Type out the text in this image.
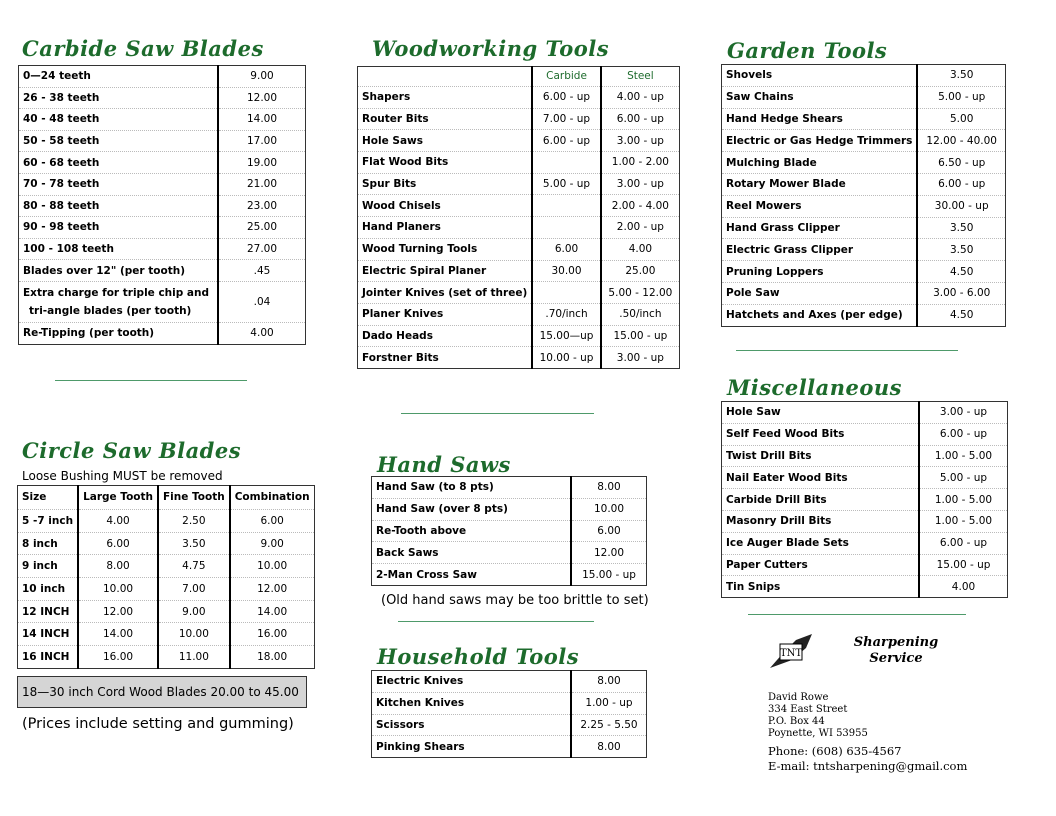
Carbide Saw Blades
0—24 teeth	9.00
26 - 38 teeth	12.00
40 - 48 teeth	14.00
50 - 58 teeth	17.00
60 - 68 teeth	19.00
70 - 78 teeth	21.00
80 - 88 teeth	23.00
90 - 98 teeth	25.00
100 - 108 teeth	27.00
Blades over 12" (per tooth)	.45

Extra charge for triple chip and
tri-angle blades (per tooth)	.04
Re-Tipping (per tooth)	4.00
Woodworking Tools
	Carbide	Steel
Shapers	6.00 - up	4.00 - up
Router Bits	7.00 - up	6.00 - up
Hole Saws	6.00 - up	3.00 - up
Flat Wood Bits		1.00 - 2.00
Spur Bits	5.00 - up	3.00 - up
Wood Chisels		2.00 - 4.00
Hand Planers		2.00 - up
Wood Turning Tools	6.00	4.00
Electric Spiral Planer	30.00	25.00
Jointer Knives (set of three)		5.00 - 12.00
Planer Knives	.70/inch	.50/inch
Dado Heads	15.00—up	15.00 - up
Forstner Bits	10.00 - up	3.00 - up
Garden Tools
Shovels	3.50
Saw Chains	5.00 - up
Hand Hedge Shears	5.00
Electric or Gas Hedge Trimmers	12.00 - 40.00
Mulching Blade	6.50 - up
Rotary Mower Blade	6.00 - up
Reel Mowers	30.00 - up
Hand Grass Clipper	3.50
Electric Grass Clipper	3.50
Pruning Loppers	4.50
Pole Saw	3.00 - 6.00
Hatchets and Axes (per edge)	4.50
Miscellaneous
Hole Saw	3.00 - up
Self Feed Wood Bits	6.00 - up
Twist Drill Bits	1.00 - 5.00
Nail Eater Wood Bits	5.00 - up
Carbide Drill Bits	1.00 - 5.00
Masonry Drill Bits	1.00 - 5.00
Ice Auger Blade Sets	6.00 - up
Paper Cutters	15.00 - up
Tin Snips	4.00
Circle Saw Blades
Loose Bushing MUST be removed
Size	Large Tooth	Fine Tooth	Combination
5 -7 inch	4.00	2.50	6.00
8 inch	6.00	3.50	9.00
9 inch	8.00	4.75	10.00
10 inch	10.00	7.00	12.00
12 INCH	12.00	9.00	14.00
14 INCH	14.00	10.00	16.00
16 INCH	16.00	11.00	18.00
18—30 inch Cord Wood Blades 20.00 to 45.00
(Prices include setting and gumming)
Hand Saws
Hand Saw (to 8 pts)	8.00
Hand Saw (over 8 pts)	10.00
Re-Tooth above	6.00
Back Saws	12.00
2-Man Cross Saw	15.00 - up
(Old hand saws may be too brittle to set)
Household Tools
Electric Knives	8.00
Kitchen Knives	1.00 - up
Scissors	2.25 - 5.50
Pinking Shears	8.00
TNT
Sharpening
Service
David Rowe
334 East Street
P.O. Box 44
Poynette, WI 53955
Phone: (608) 635-4567
E-mail: tntsharpening@gmail.com
